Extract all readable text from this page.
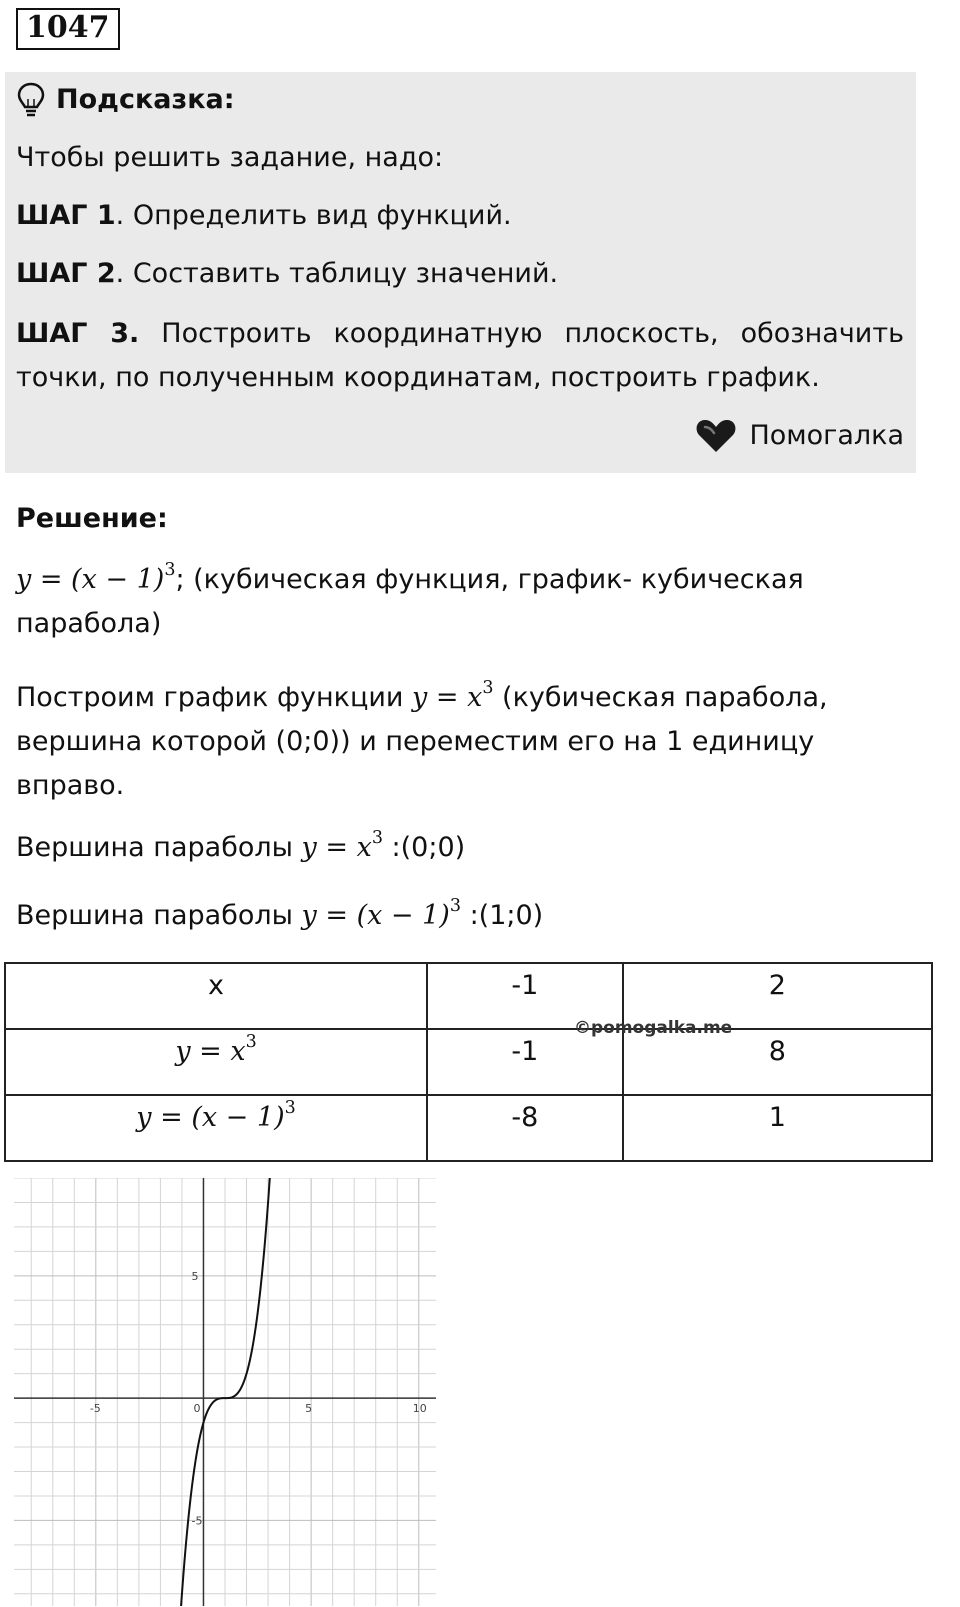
1047
Подсказка:
Чтобы решить задание, надо:
ШАГ 1. Определить вид функций.
ШАГ 2. Составить таблицу значений.
ШАГ 3. Построить координатную плоскость, обозначить точки, по полученным координатам, построить график.
Помогалка
Решение:
$y = (x - 1)^3$; (кубическая функция, график- кубическая парабола)
Построим график функции $y = x^3$ (кубическая парабола, вершина которой (0;0)) и переместим его на 1 единицу вправо.
Вершина параболы $y = x^3$ :(0;0)
Вершина параболы $y = (x - 1)^3$ :(1;0)
x	-1	2
$y = x^3$	-1	8
$y = (x - 1)^3$	-8	1
©pomogalka.me
-5	0	5	10
5
-5
